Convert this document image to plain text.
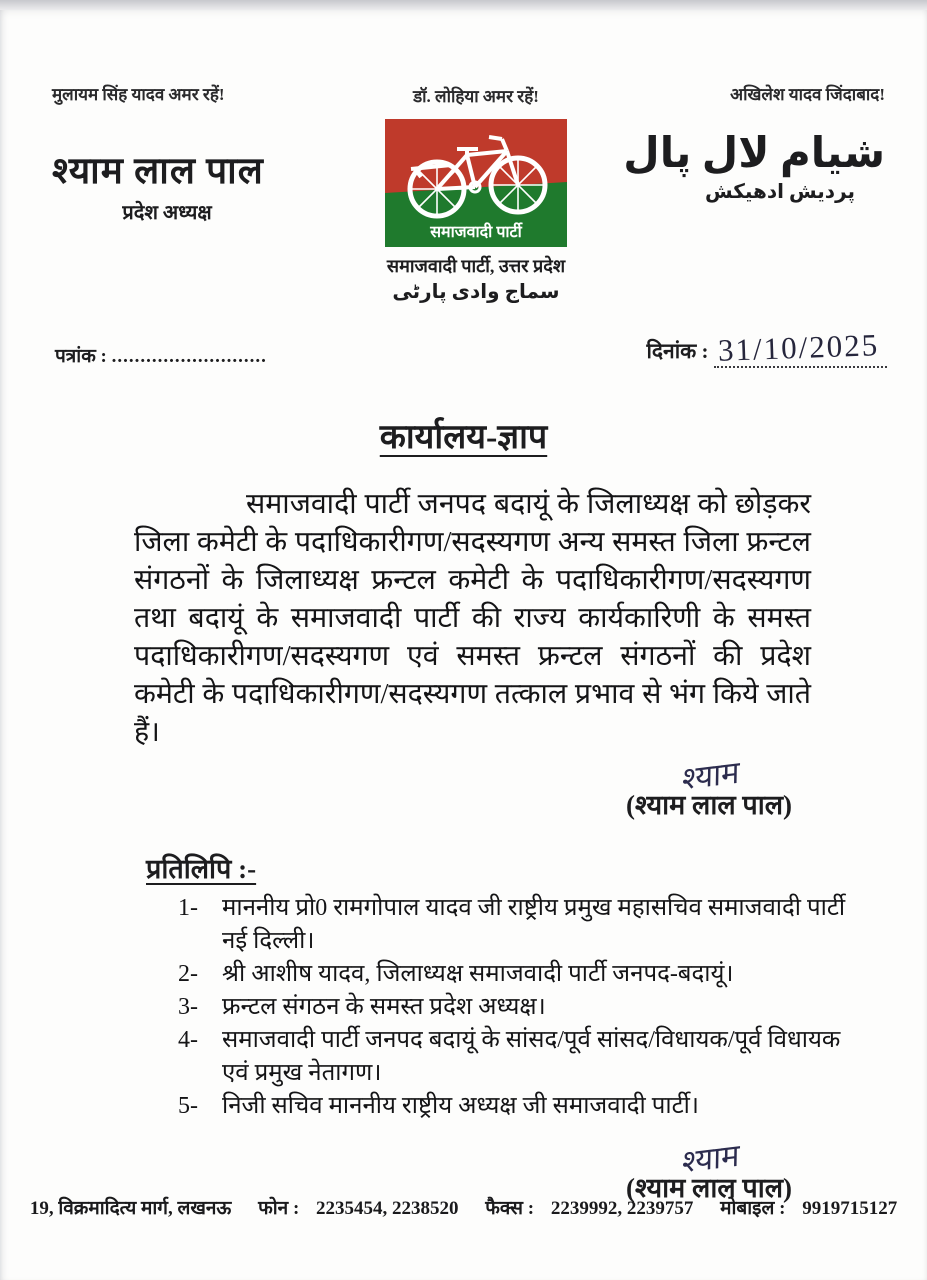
मुलायम सिंह यादव अमर रहें!
श्याम लाल पाल
प्रदेश अध्यक्ष
डॉ. लोहिया अमर रहें!
समाजवादी पार्टी
समाजवादी पार्टी, उत्तर प्रदेश
سماج وادی پارٹی
अखिलेश यादव जिंदाबाद!
شیام لال پال
پردیش ادھیکش
पत्रांक : ...........................	दिनांक : 31/10/2025
कार्यालय-ज्ञाप

समाजवादी पार्टी जनपद बदायूं के जिलाध्यक्ष को छोड़कर जिला कमेटी के पदाधिकारीगण/सदस्यगण अन्य समस्त जिला फ्रन्टल संगठनों के जिलाध्यक्ष फ्रन्टल कमेटी के पदाधिकारीगण/सदस्यगण तथा बदायूं के समाजवादी पार्टी की राज्य कार्यकारिणी के समस्त पदाधिकारीगण/सदस्यगण एवं समस्त फ्रन्टल संगठनों की प्रदेश कमेटी के पदाधिकारीगण/सदस्यगण तत्काल प्रभाव से भंग किये जाते हैं।

श्याम
(श्याम लाल पाल)
प्रतिलिपि :-
1-	माननीय प्रो0 रामगोपाल यादव जी राष्ट्रीय प्रमुख महासचिव समाजवादी पार्टी नई दिल्ली।
2-	श्री आशीष यादव, जिलाध्यक्ष समाजवादी पार्टी जनपद-बदायूं।
3-	फ्रन्टल संगठन के समस्त प्रदेश अध्यक्ष।
4-	समाजवादी पार्टी जनपद बदायूं के सांसद/पूर्व सांसद/विधायक/पूर्व विधायक एवं प्रमुख नेतागण।
5-	निजी सचिव माननीय राष्ट्रीय अध्यक्ष जी समाजवादी पार्टी।
श्याम
(श्याम लाल पाल)
19, विक्रमादित्य मार्ग, लखनऊ फोन : 2235454, 2238520 फैक्स : 2239992, 2239757 मोबाइल : 9919715127
